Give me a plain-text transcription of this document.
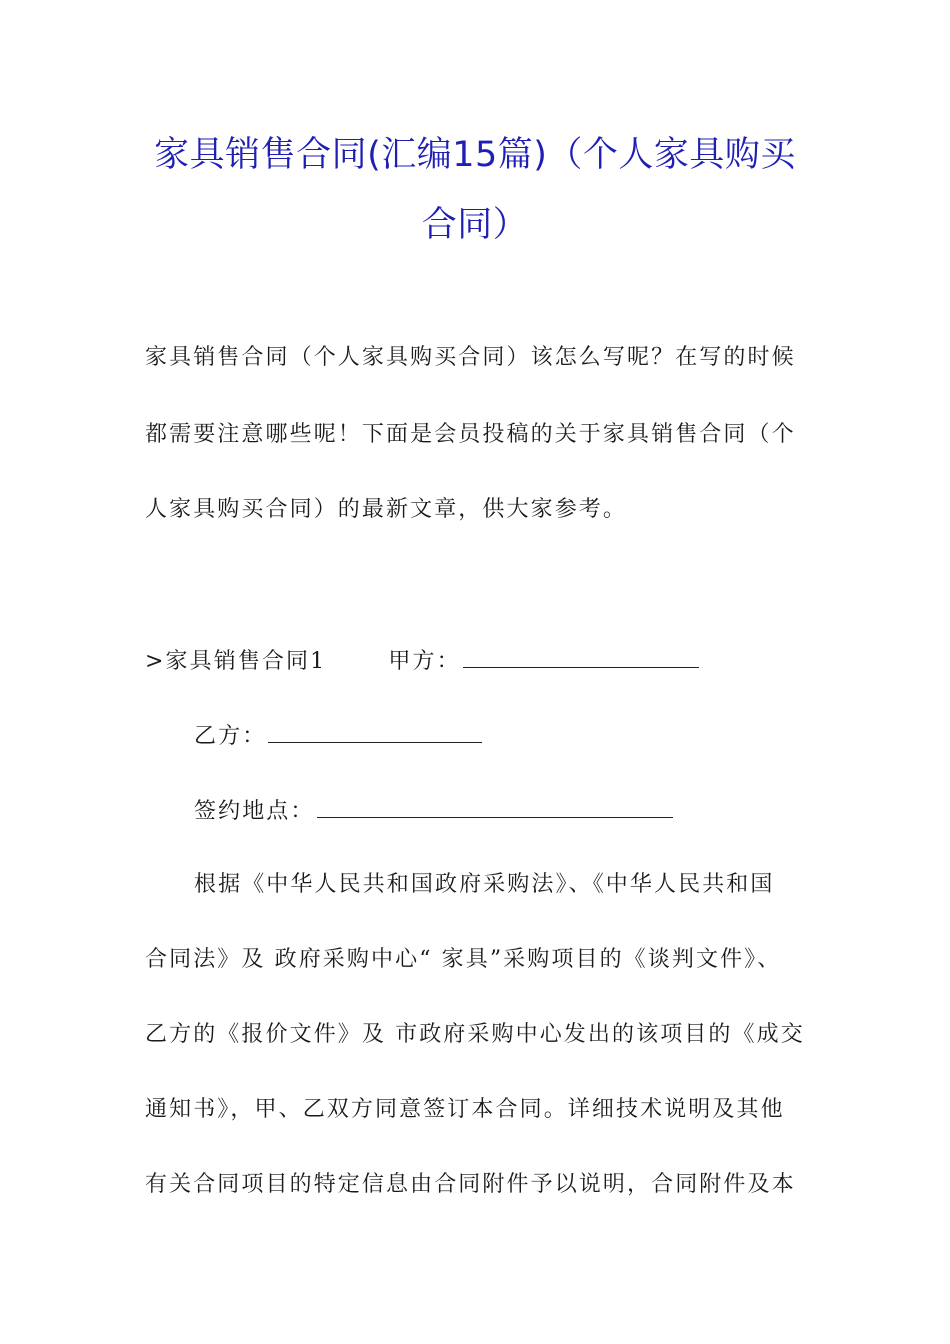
家具销售合同(汇编15篇)（个人家具购买
合同）
家具销售合同（个人家具购买合同）该怎么写呢？在写的时候
都需要注意哪些呢！下面是会员投稿的关于家具销售合同（个
人家具购买合同）的最新文章，供大家参考。
>家具销售合同1	甲方：
乙方：
签约地点：
根据《中华人民共和国政府采购法》、《中华人民共和国
合同法》及 政府采购中心“ 家具”采购项目的《谈判文件》、
乙方的《报价文件》及 市政府采购中心发出的该项目的《成交
通知书》，甲、乙双方同意签订本合同。详细技术说明及其他
有关合同项目的特定信息由合同附件予以说明，合同附件及本
